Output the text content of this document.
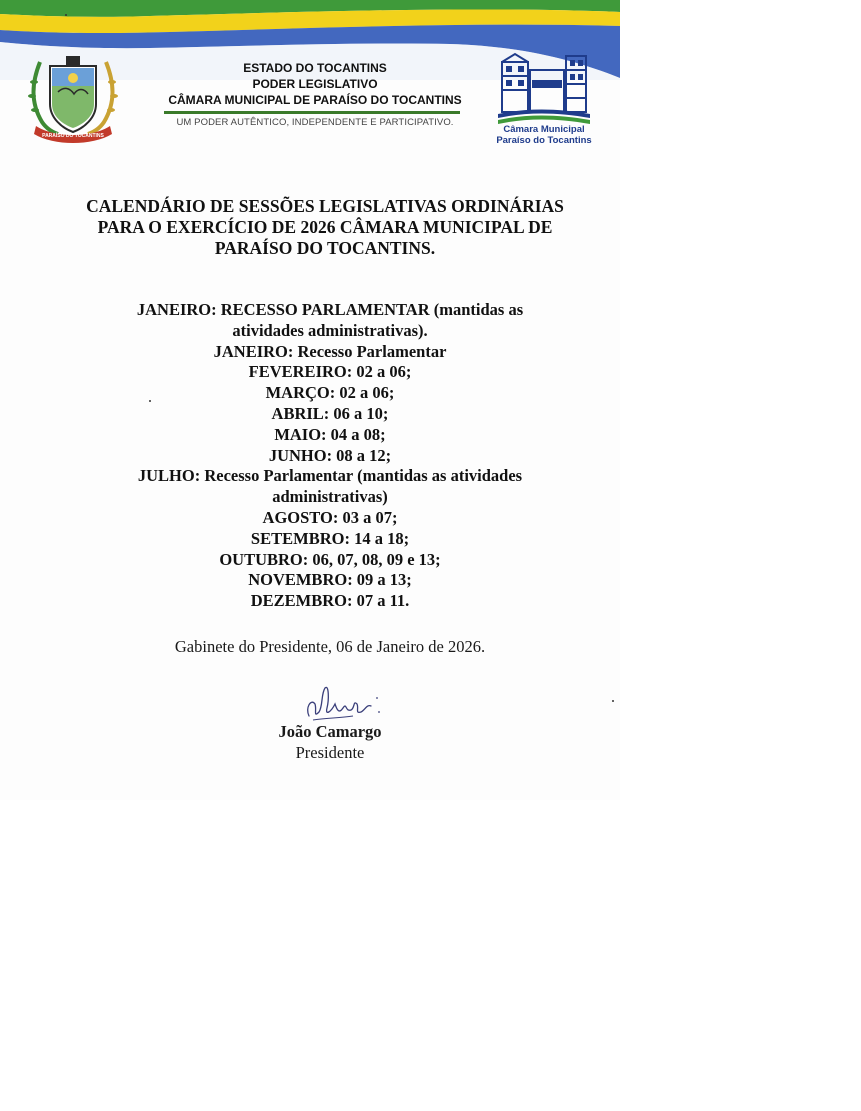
PARAÍSO DO TOCANTINS
ESTADO DO TOCANTINS
PODER LEGISLATIVO
CÂMARA MUNICIPAL DE PARAÍSO DO TOCANTINS
UM PODER AUTÊNTICO, INDEPENDENTE E PARTICIPATIVO.
Câmara Municipal
Paraíso do Tocantins
CALENDÁRIO DE SESSÕES LEGISLATIVAS ORDINÁRIAS
PARA O EXERCÍCIO DE 2026 CÂMARA MUNICIPAL DE
PARAÍSO DO TOCANTINS.
JANEIRO: RECESSO PARLAMENTAR (mantidas as
atividades administrativas).
JANEIRO: Recesso Parlamentar
FEVEREIRO: 02 a 06;
MARÇO: 02 a 06;
ABRIL: 06 a 10;
MAIO: 04 a 08;
JUNHO: 08 a 12;
JULHO: Recesso Parlamentar (mantidas as atividades
administrativas)
AGOSTO: 03 a 07;
SETEMBRO: 14 a 18;
OUTUBRO: 06, 07, 08, 09 e 13;
NOVEMBRO: 09 a 13;
DEZEMBRO: 07 a 11.
Gabinete do Presidente, 06 de Janeiro de 2026.
João Camargo
Presidente
